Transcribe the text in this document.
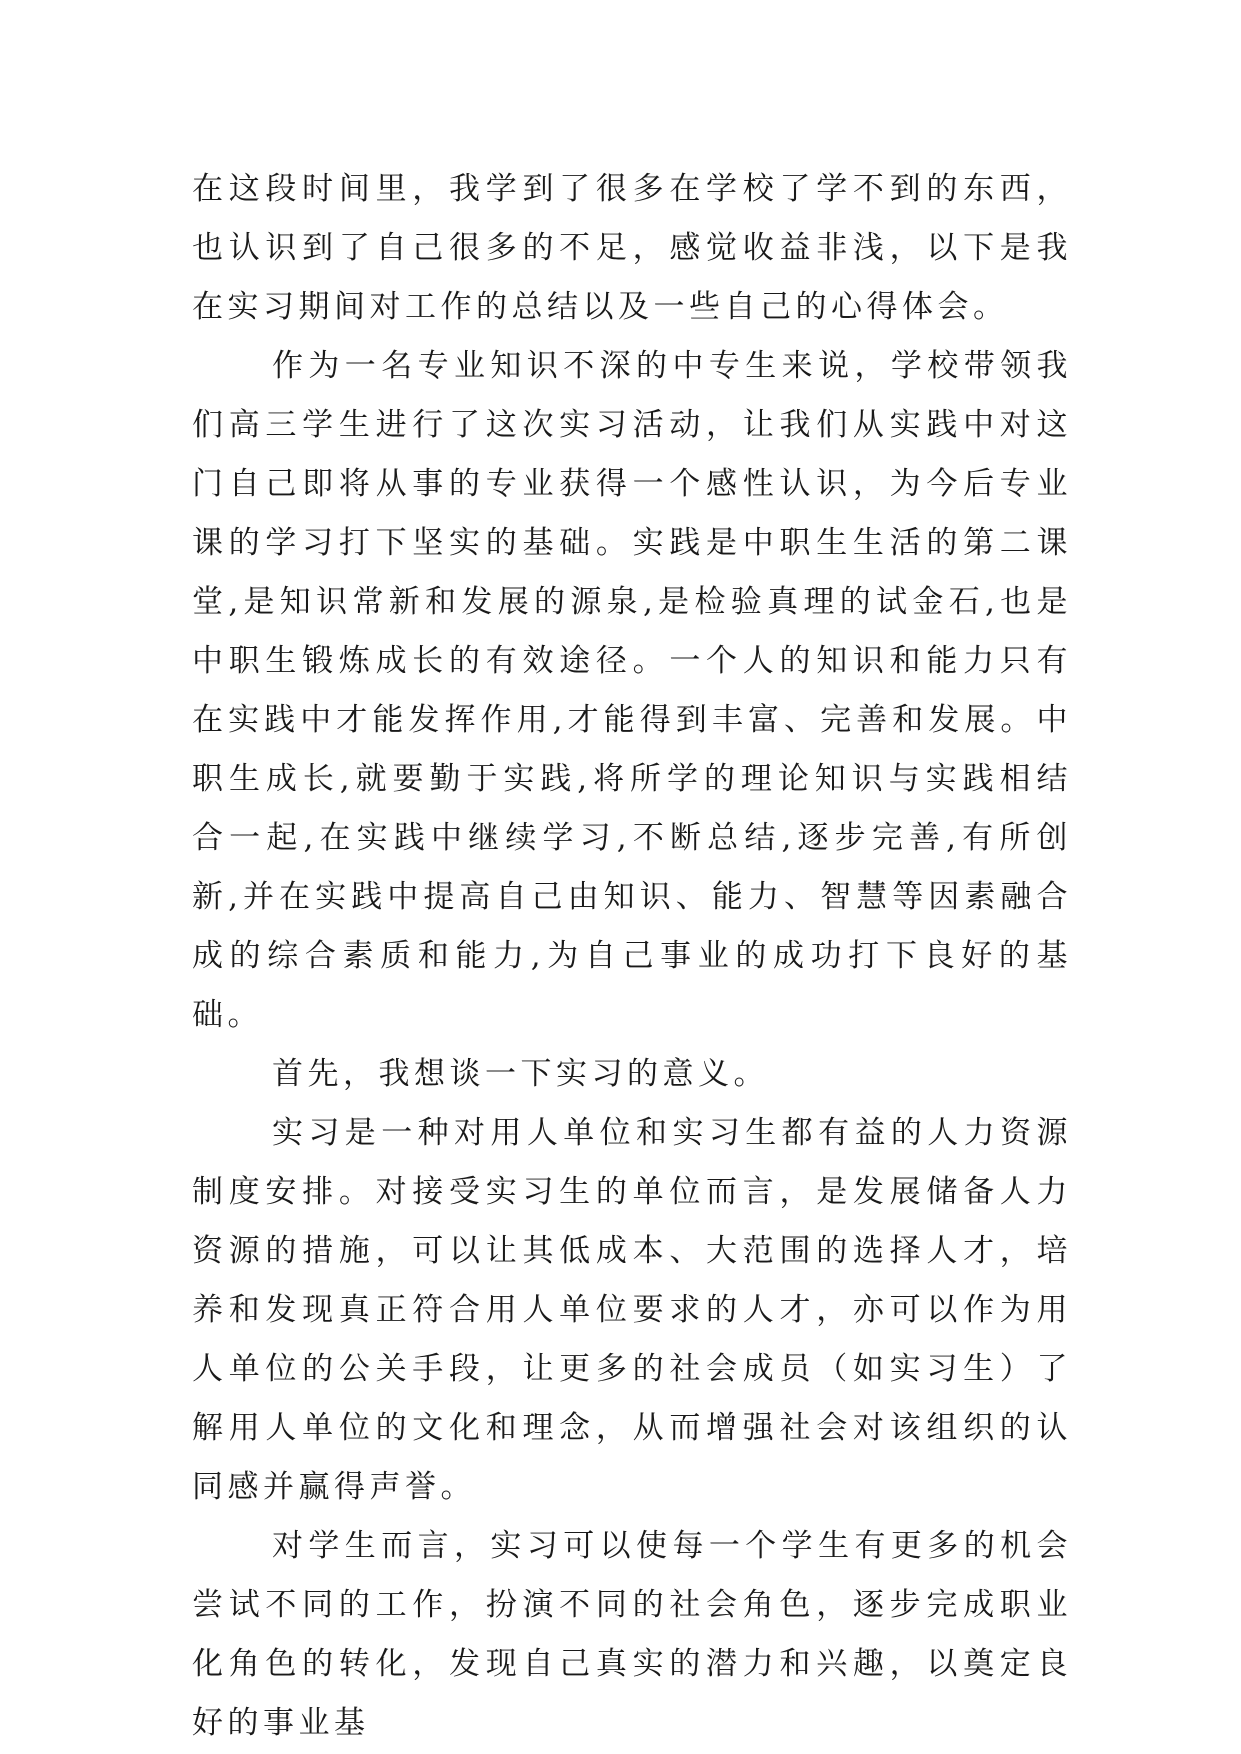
在这段时间里，我学到了很多在学校了学不到的东西，也认识到了自己很多的不足，感觉收益非浅，以下是我在实习期间对工作的总结以及一些自己的心得体会。

作为一名专业知识不深的中专生来说，学校带领我们高三学生进行了这次实习活动，让我们从实践中对这门自己即将从事的专业获得一个感性认识，为今后专业课的学习打下坚实的基础。实践是中职生生活的第二课堂,是知识常新和发展的源泉,是检验真理的试金石,也是中职生锻炼成长的有效途径。一个人的知识和能力只有在实践中才能发挥作用,才能得到丰富、完善和发展。中职生成长,就要勤于实践,将所学的理论知识与实践相结合一起,在实践中继续学习,不断总结,逐步完善,有所创新,并在实践中提高自己由知识、能力、智慧等因素融合成的综合素质和能力,为自己事业的成功打下良好的基础。

首先，我想谈一下实习的意义。

实习是一种对用人单位和实习生都有益的人力资源制度安排。对接受实习生的单位而言，是发展储备人力资源的措施，可以让其低成本、大范围的选择人才，培养和发现真正符合用人单位要求的人才，亦可以作为用人单位的公关手段，让更多的社会成员（如实习生）了解用人单位的文化和理念，从而增强社会对该组织的认同感并赢得声誉。

对学生而言，实习可以使每一个学生有更多的机会尝试不同的工作，扮演不同的社会角色，逐步完成职业化角色的转化，发现自己真实的潜力和兴趣，以奠定良好的事业基
